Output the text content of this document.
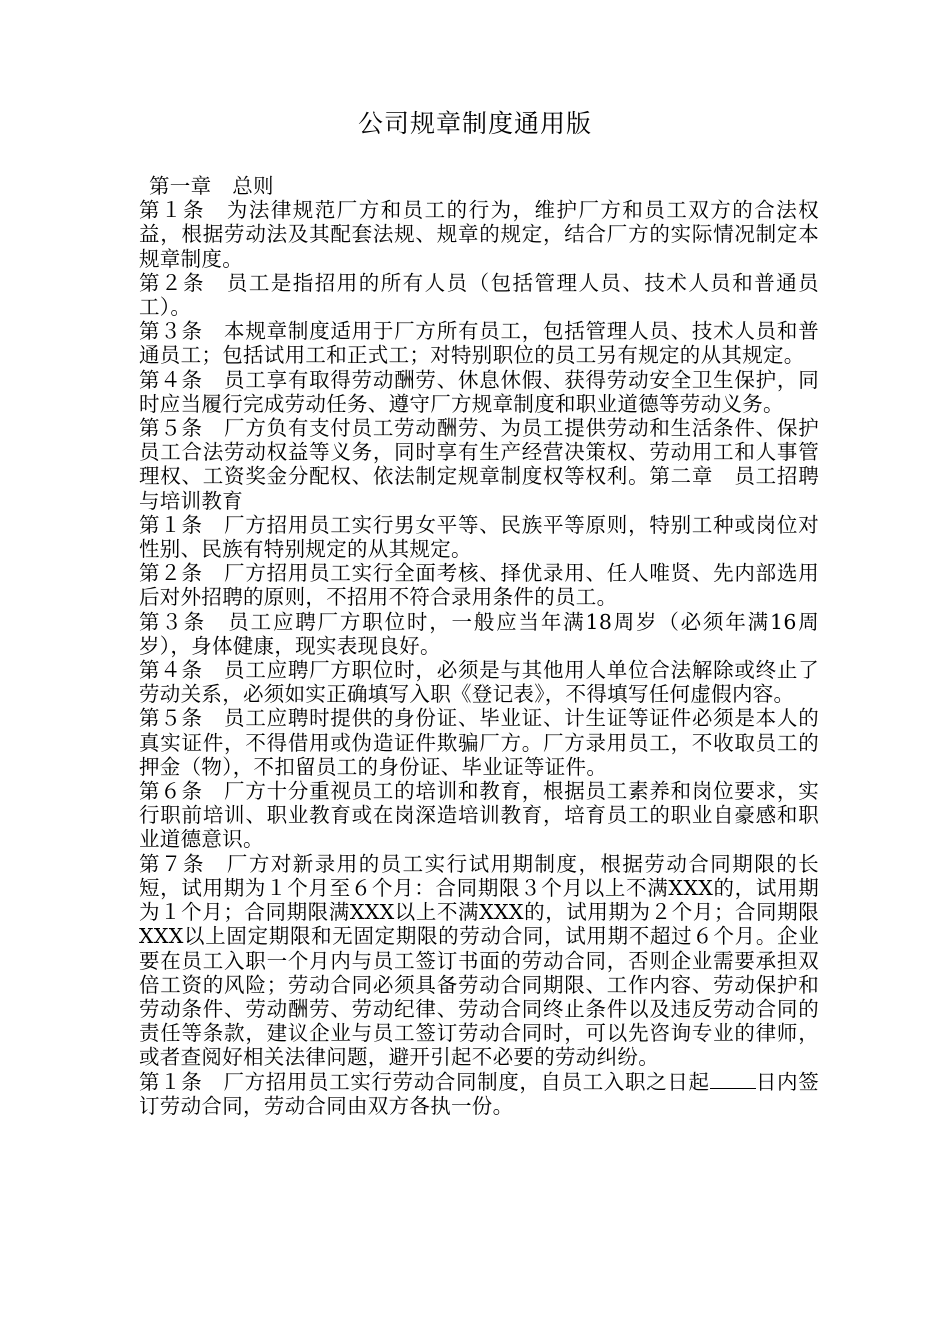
公司规章制度通用版

第一章　总则

第１条　为法律规范厂方和员工的行为，维护厂方和员工双方的合法权益，根据劳动法及其配套法规、规章的规定，结合厂方的实际情况制定本规章制度。

第２条　员工是指招用的所有人员（包括管理人员、技术人员和普通员工）。

第３条　本规章制度适用于厂方所有员工，包括管理人员、技术人员和普通员工；包括试用工和正式工；对特别职位的员工另有规定的从其规定。

第４条　员工享有取得劳动酬劳、休息休假、获得劳动安全卫生保护，同时应当履行完成劳动任务、遵守厂方规章制度和职业道德等劳动义务。

第５条　厂方负有支付员工劳动酬劳、为员工提供劳动和生活条件、保护员工合法劳动权益等义务，同时享有生产经营决策权、劳动用工和人事管理权、工资奖金分配权、依法制定规章制度权等权利。第二章　员工招聘与培训教育

第１条　厂方招用员工实行男女平等、民族平等原则，特别工种或岗位对性别、民族有特别规定的从其规定。

第２条　厂方招用员工实行全面考核、择优录用、任人唯贤、先内部选用后对外招聘的原则，不招用不符合录用条件的员工。

第３条　员工应聘厂方职位时，一般应当年满18周岁（必须年满16周岁），身体健康，现实表现良好。

第４条　员工应聘厂方职位时，必须是与其他用人单位合法解除或终止了劳动关系，必须如实正确填写入职《登记表》，不得填写任何虚假内容。

第５条　员工应聘时提供的身份证、毕业证、计生证等证件必须是本人的真实证件，不得借用或伪造证件欺骗厂方。厂方录用员工，不收取员工的押金（物），不扣留员工的身份证、毕业证等证件。

第６条　厂方十分重视员工的培训和教育，根据员工素养和岗位要求，实行职前培训、职业教育或在岗深造培训教育，培育员工的职业自豪感和职业道德意识。

第７条　厂方对新录用的员工实行试用期制度，根据劳动合同期限的长短，试用期为１个月至６个月：合同期限３个月以上不满XXX的，试用期为１个月；合同期限满XXX以上不满XXX的，试用期为２个月；合同期限XXX以上固定期限和无固定期限的劳动合同，试用期不超过６个月。企业要在员工入职一个月内与员工签订书面的劳动合同，否则企业需要承担双倍工资的风险；劳动合同必须具备劳动合同期限、工作内容、劳动保护和劳动条件、劳动酬劳、劳动纪律、劳动合同终止条件以及违反劳动合同的责任等条款，建议企业与员工签订劳动合同时，可以先咨询专业的律师，或者查阅好相关法律问题，避开引起不必要的劳动纠纷。

第１条　厂方招用员工实行劳动合同制度，自员工入职之日起 日内签订劳动合同，劳动合同由双方各执一份。
